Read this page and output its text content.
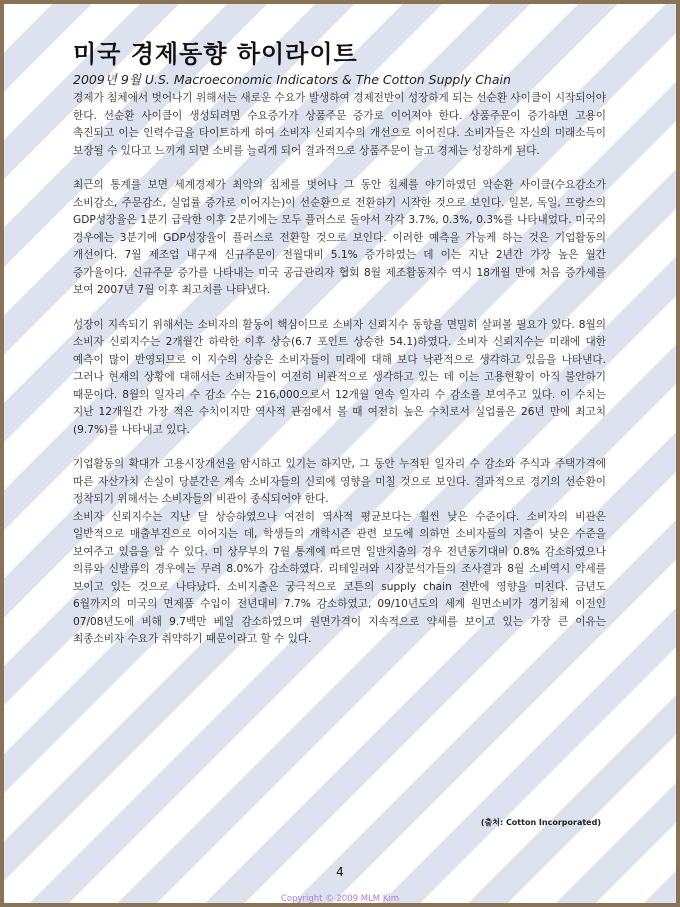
미국 경제동향 하이라이트
2009년 9월 U.S. Macroeconomic Indicators & The Cotton Supply Chain

경제가 침체에서 벗어나기 위해서는 새로운 수요가 발생하여 경제전반이 성장하게 되는 선순환 사이클이 시작되어야 한다. 선순환 사이클이 생성되려면 수요증가가 상품주문 증가로 이어져야 한다. 상품주문이 증가하면 고용이 촉진되고 이는 인력수급을 타이트하게 하여 소비자 신뢰지수의 개선으로 이어진다. 소비자들은 자신의 미래소득이 보장될 수 있다고 느끼게 되면 소비를 늘리게 되어 결과적으로 상품주문이 늘고 경제는 성장하게 된다.

최근의 통계를 보면 세계경제가 최악의 침체를 벗어나 그 동안 침체를 야기하였던 악순환 사이클(수요감소가 소비감소, 주문감소, 실업률 증가로 이어지는)이 선순환으로 전환하기 시작한 것으로 보인다. 일본, 독일, 프랑스의 GDP성장율은 1분기 급락한 이후 2분기에는 모두 플러스로 돌아서 각각 3.7%, 0.3%, 0.3%를 나타내었다. 미국의 경우에는 3분기에 GDP성장율이 플러스로 전환할 것으로 보인다. 이러한 예측을 가능케 하는 것은 기업활동의 개선이다. 7월 제조업 내구재 신규주문이 전월대비 5.1% 증가하였는 데 이는 지난 2년간 가장 높은 월간 증가율이다. 신규주문 증가를 나타내는 미국 공급관리자 협회 8월 제조활동지수 역시 18개월 만에 처음 증가세를 보여 2007년 7월 이후 최고치를 나타냈다.

성장이 지속되기 위해서는 소비자의 활동이 핵심이므로 소비자 신뢰지수 동향을 면밀히 살펴볼 필요가 있다. 8월의 소비자 신뢰지수는 2개월간 하락한 이후 상승(6.7 포인트 상승한 54.1)하였다. 소비자 신뢰지수는 미래에 대한 예측이 많이 반영되므로 이 지수의 상승은 소비자들이 미래에 대해 보다 낙관적으로 생각하고 있음을 나타낸다. 그러나 현재의 상황에 대해서는 소비자들이 여전히 비관적으로 생각하고 있는 데 이는 고용현황이 아직 불안하기 때문이다. 8월의 일자리 수 감소 수는 216,000으로서 12개월 연속 일자리 수 감소를 보여주고 있다. 이 수치는 지난 12개월간 가장 적은 수치이지만 역사적 관점에서 볼 때 여전히 높은 수치로서 실업률은 26년 만에 최고치(9.7%)를 나타내고 있다.

기업활동의 확대가 고용시장개선을 암시하고 있기는 하지만, 그 동안 누적된 일자리 수 감소와 주식과 주택가격에 따른 자산가치 손실이 당분간은 계속 소비자들의 신뢰에 영향을 미칠 것으로 보인다. 결과적으로 경기의 선순환이 정착되기 위해서는 소비자들의 비관이 종식되어야 한다.

소비자 신뢰지수는 지난 달 상승하였으나 여전히 역사적 평균보다는 훨씬 낮은 수준이다. 소비자의 비관은 일반적으로 매출부진으로 이어지는 데, 학생들의 개학시즌 관련 보도에 의하면 소비자들의 지출이 낮은 수준을 보여주고 있음을 알 수 있다. 미 상무부의 7월 통계에 따르면 일반지출의 경우 전년동기대비 0.8% 감소하였으나 의류와 신발류의 경우에는 무려 8.0%가 감소하였다. 리테일러와 시장분석가들의 조사결과 8월 소비역시 약세를 보이고 있는 것으로 나타났다. 소비지출은 궁극적으로 코튼의 supply chain 전반에 영향을 미친다. 금년도 6월까지의 미국의 면제품 수입이 전년대비 7.7% 감소하였고, 09/10년도의 세계 원면소비가 경기침체 이전인 07/08년도에 비해 9.7백만 베일 감소하였으며 원면가격이 지속적으로 약세를 보이고 있는 가장 큰 이유는 최종소비자 수요가 취약하기 때문이라고 할 수 있다.

(출처: Cotton Incorporated)
4
Copyright © 2009 MLM Kim
